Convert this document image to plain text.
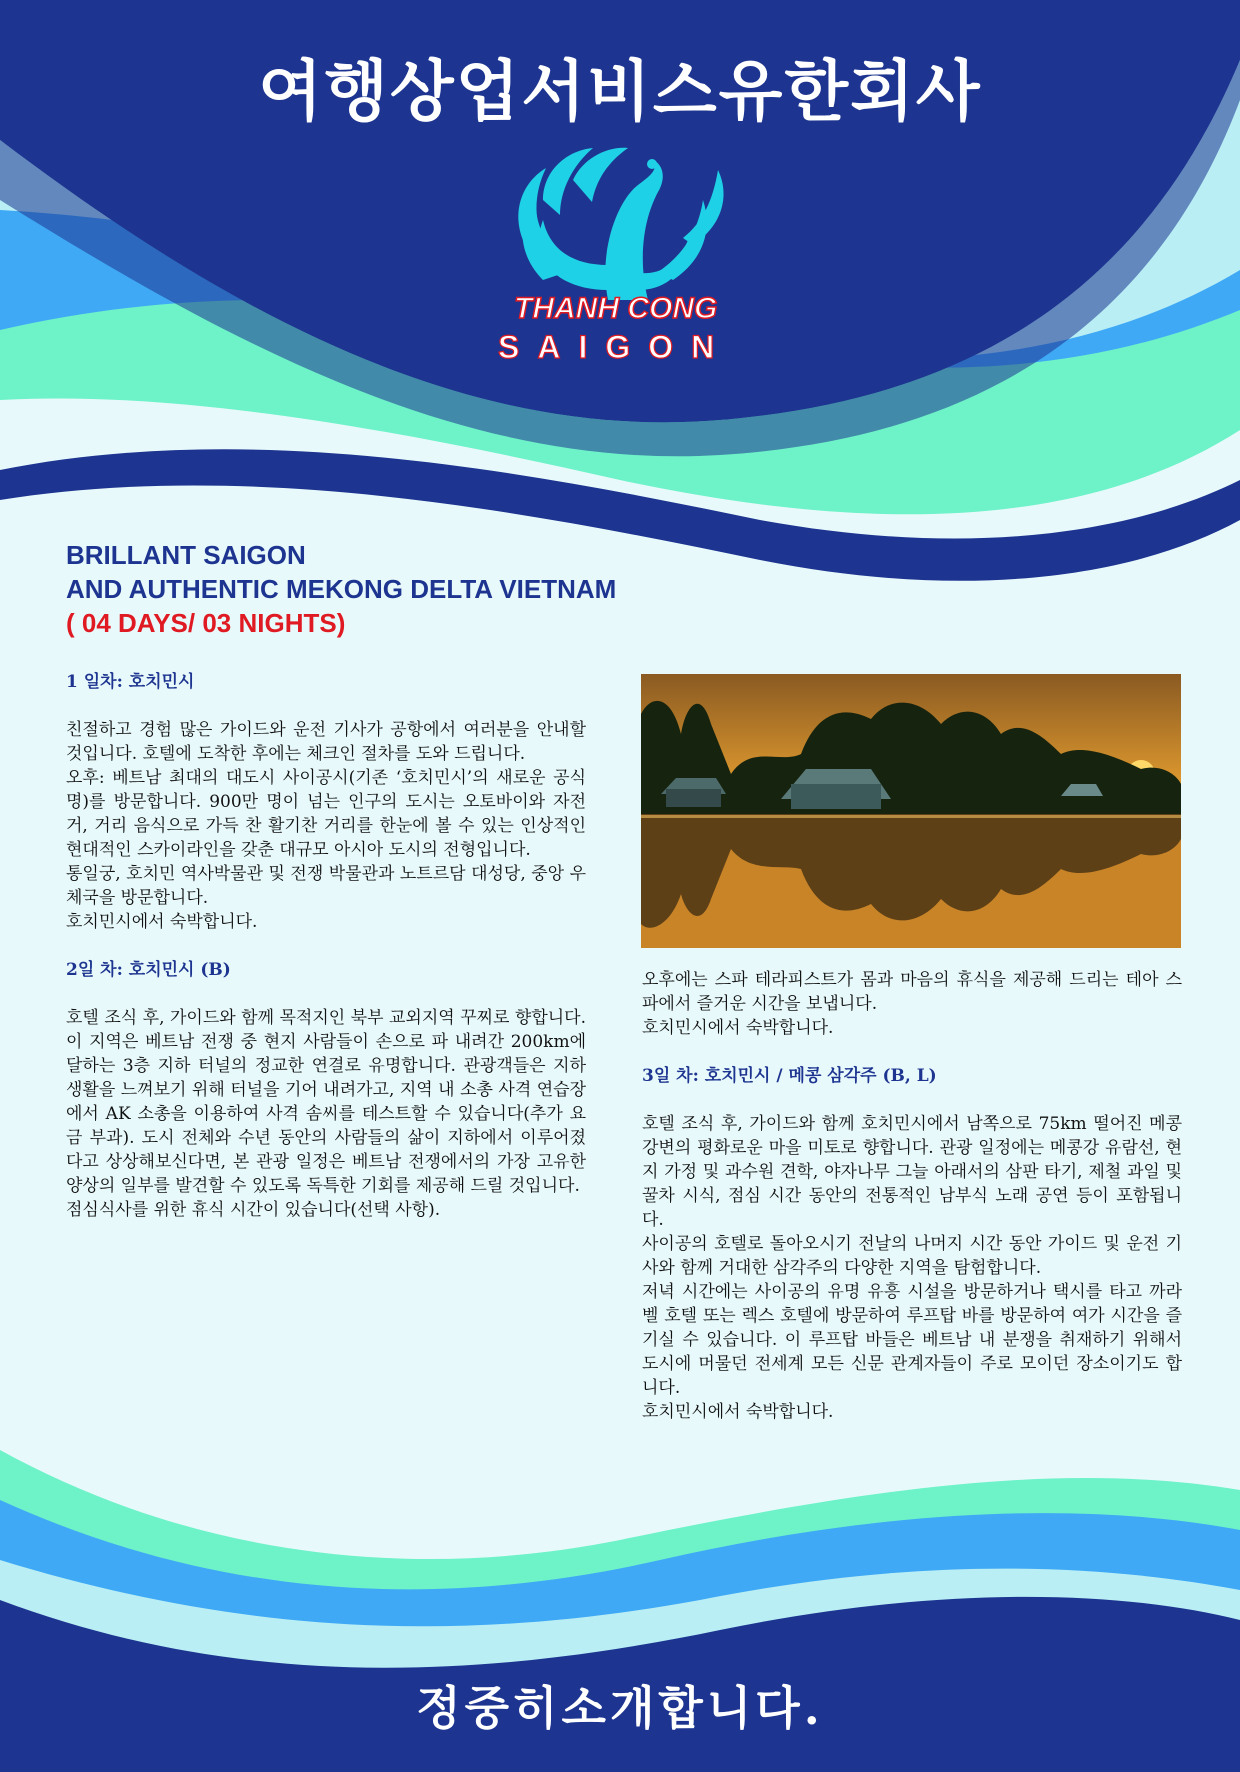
여행상업서비스유한회사
THANH CONG
SAIGON
BRILLANT SAIGON
AND AUTHENTIC MEKONG DELTA VIETNAM
( 04 DAYS/ 03 NIGHTS)

1 일차: 호치민시

친절하고 경험 많은 가이드와 운전 기사가 공항에서 여러분을 안내할 것입니다. 호텔에 도착한 후에는 체크인 절차를 도와 드립니다.

오후: 베트남 최대의 대도시 사이공시(기존 ‘호치민시’의 새로운 공식명)를 방문합니다. 900만 명이 넘는 인구의 도시는 오토바이와 자전거, 거리 음식으로 가득 찬 활기찬 거리를 한눈에 볼 수 있는 인상적인 현대적인 스카이라인을 갖춘 대규모 아시아 도시의 전형입니다.

통일궁, 호치민 역사박물관 및 전쟁 박물관과 노트르담 대성당, 중앙 우체국을 방문합니다.

호치민시에서 숙박합니다.

2일 차: 호치민시 (B)

호텔 조식 후, 가이드와 함께 목적지인 북부 교외지역 꾸찌로 향합니다. 이 지역은 베트남 전쟁 중 현지 사람들이 손으로 파 내려간 200km에 달하는 3층 지하 터널의 정교한 연결로 유명합니다. 관광객들은 지하 생활을 느껴보기 위해 터널을 기어 내려가고, 지역 내 소총 사격 연습장에서 AK 소총을 이용하여 사격 솜씨를 테스트할 수 있습니다(추가 요금 부과). 도시 전체와 수년 동안의 사람들의 삶이 지하에서 이루어졌다고 상상해보신다면, 본 관광 일정은 베트남 전쟁에서의 가장 고유한 양상의 일부를 발견할 수 있도록 독특한 기회를 제공해 드릴 것입니다.

점심식사를 위한 휴식 시간이 있습니다(선택 사항).

오후에는 스파 테라피스트가 몸과 마음의 휴식을 제공해 드리는 테아 스파에서 즐거운 시간을 보냅니다.

호치민시에서 숙박합니다.

3일 차: 호치민시 / 메콩 삼각주 (B, L)

호텔 조식 후, 가이드와 함께 호치민시에서 남쪽으로 75km 떨어진 메콩강변의 평화로운 마을 미토로 향합니다. 관광 일정에는 메콩강 유람선, 현지 가정 및 과수원 견학, 야자나무 그늘 아래서의 삼판 타기, 제철 과일 및 꿀차 시식, 점심 시간 동안의 전통적인 남부식 노래 공연 등이 포함됩니다.

사이공의 호텔로 돌아오시기 전날의 나머지 시간 동안 가이드 및 운전 기사와 함께 거대한 삼각주의 다양한 지역을 탐험합니다.

저녁 시간에는 사이공의 유명 유흥 시설을 방문하거나 택시를 타고 까라벨 호텔 또는 렉스 호텔에 방문하여 루프탑 바를 방문하여 여가 시간을 즐기실 수 있습니다. 이 루프탑 바들은 베트남 내 분쟁을 취재하기 위해서 도시에 머물던 전세계 모든 신문 관계자들이 주로 모이던 장소이기도 합니다.

호치민시에서 숙박합니다.

정중히소개합니다.
